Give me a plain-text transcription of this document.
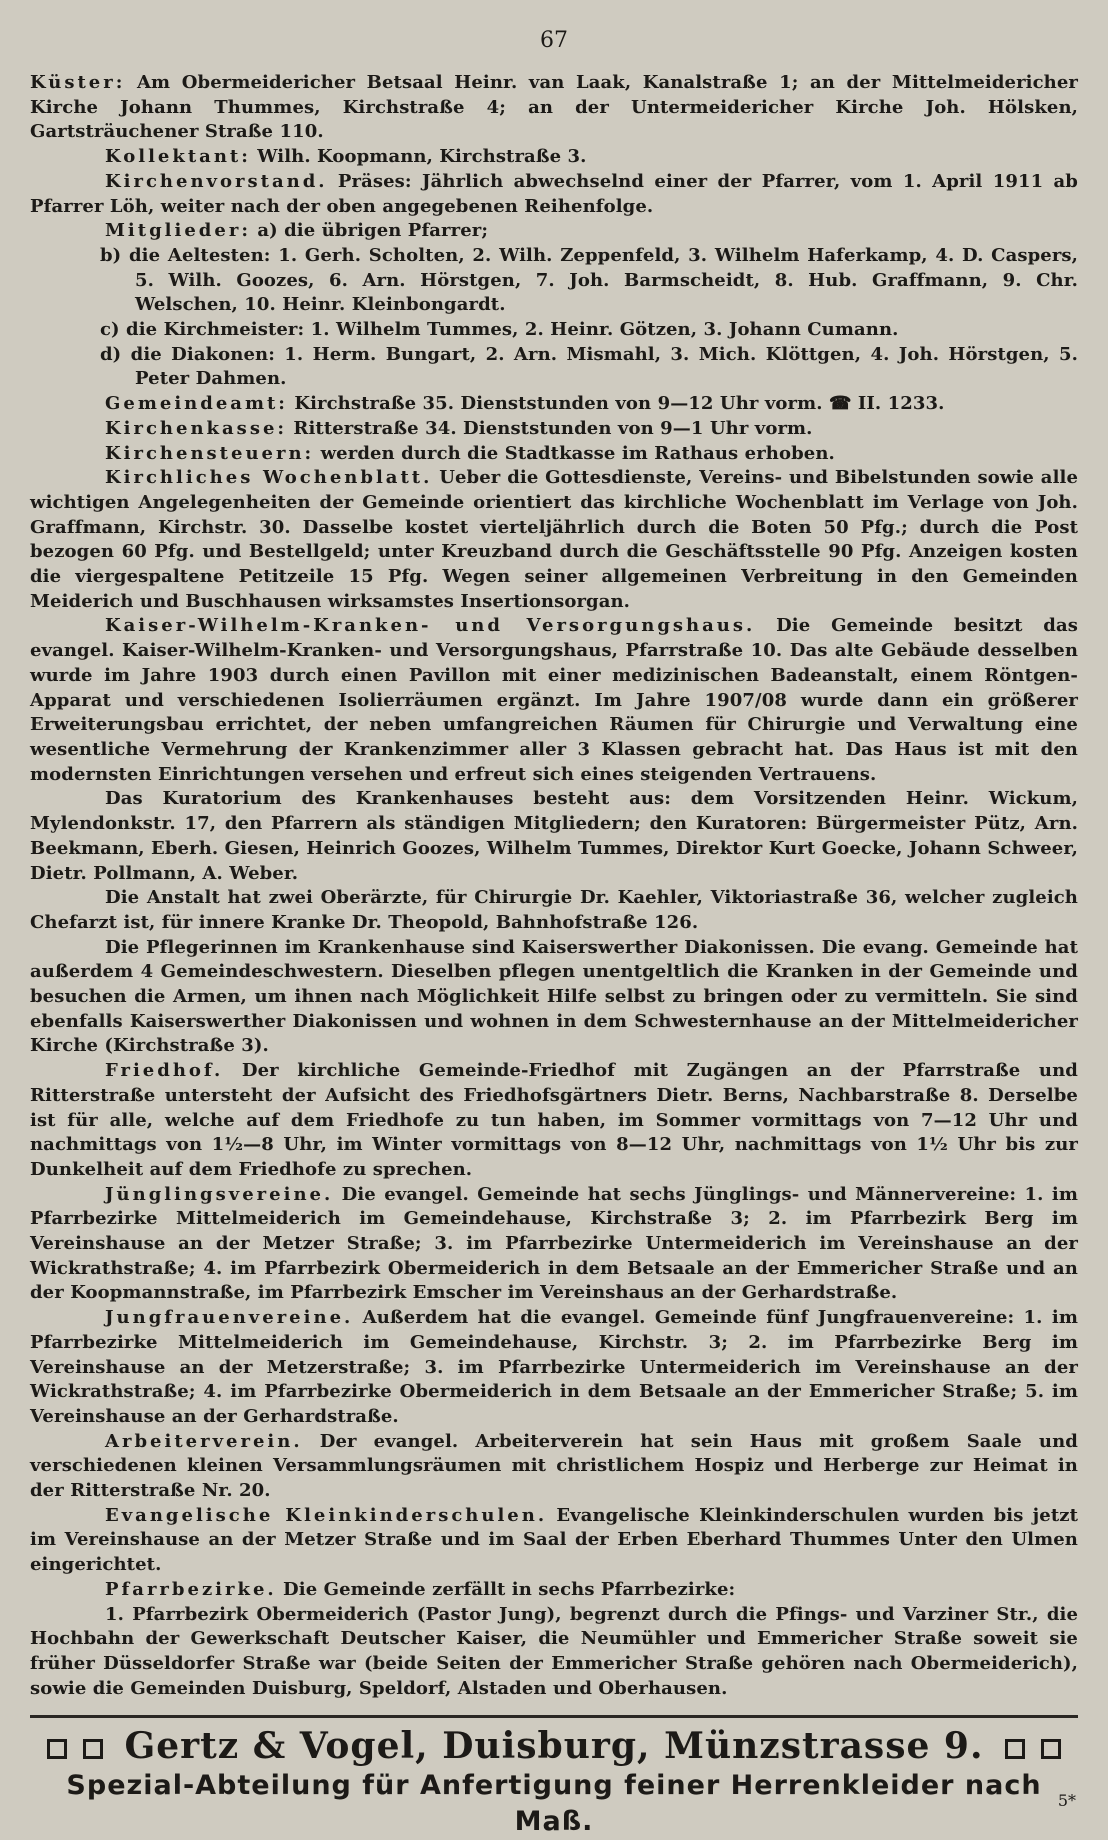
67

Küster: Am Obermeidericher Betsaal Heinr. van Laak, Kanalstraße 1; an der Mittelmeidericher Kirche Johann Thummes, Kirchstraße 4; an der Untermeidericher Kirche Joh. Hölsken, Gartsträuchener Straße 110.

Kollektant: Wilh. Koopmann, Kirchstraße 3.

Kirchenvorstand. Präses: Jährlich abwechselnd einer der Pfarrer, vom 1. April 1911 ab Pfarrer Löh, weiter nach der oben angegebenen Reihenfolge.

Mitglieder: a) die übrigen Pfarrer;

b) die Aeltesten: 1. Gerh. Scholten, 2. Wilh. Zeppenfeld, 3. Wilhelm Haferkamp, 4. D. Caspers, 5. Wilh. Goozes, 6. Arn. Hörstgen, 7. Joh. Barmscheidt, 8. Hub. Graffmann, 9. Chr. Welschen, 10. Heinr. Kleinbongardt.

c) die Kirchmeister: 1. Wilhelm Tummes, 2. Heinr. Götzen, 3. Johann Cumann.

d) die Diakonen: 1. Herm. Bungart, 2. Arn. Mismahl, 3. Mich. Klöttgen, 4. Joh. Hörstgen, 5. Peter Dahmen.

Gemeindeamt: Kirchstraße 35. Dienststunden von 9—12 Uhr vorm. ☎ II. 1233.

Kirchenkasse: Ritterstraße 34. Dienststunden von 9—1 Uhr vorm.

Kirchensteuern: werden durch die Stadtkasse im Rathaus erhoben.

Kirchliches Wochenblatt. Ueber die Gottesdienste, Vereins- und Bibelstunden sowie alle wichtigen Angelegenheiten der Gemeinde orientiert das kirchliche Wochenblatt im Verlage von Joh. Graffmann, Kirchstr. 30. Dasselbe kostet vierteljährlich durch die Boten 50 Pfg.; durch die Post bezogen 60 Pfg. und Bestellgeld; unter Kreuzband durch die Geschäftsstelle 90 Pfg. Anzeigen kosten die viergespaltene Petitzeile 15 Pfg. Wegen seiner allgemeinen Verbreitung in den Gemeinden Meiderich und Buschhausen wirksamstes Insertionsorgan.

Kaiser-Wilhelm-Kranken- und Versorgungshaus. Die Gemeinde besitzt das evangel. Kaiser-Wilhelm-Kranken- und Versorgungshaus, Pfarrstraße 10. Das alte Gebäude desselben wurde im Jahre 1903 durch einen Pavillon mit einer medizinischen Badeanstalt, einem Röntgen-Apparat und verschiedenen Isolierräumen ergänzt. Im Jahre 1907/08 wurde dann ein größerer Erweiterungsbau errichtet, der neben umfangreichen Räumen für Chirurgie und Verwaltung eine wesentliche Vermehrung der Krankenzimmer aller 3 Klassen gebracht hat. Das Haus ist mit den modernsten Einrichtungen versehen und erfreut sich eines steigenden Vertrauens.

Das Kuratorium des Krankenhauses besteht aus: dem Vorsitzenden Heinr. Wickum, Mylendonkstr. 17, den Pfarrern als ständigen Mitgliedern; den Kuratoren: Bürgermeister Pütz, Arn. Beekmann, Eberh. Giesen, Heinrich Goozes, Wilhelm Tummes, Direktor Kurt Goecke, Johann Schweer, Dietr. Pollmann, A. Weber.

Die Anstalt hat zwei Oberärzte, für Chirurgie Dr. Kaehler, Viktoriastraße 36, welcher zugleich Chefarzt ist, für innere Kranke Dr. Theopold, Bahnhofstraße 126.

Die Pflegerinnen im Krankenhause sind Kaiserswerther Diakonissen. Die evang. Gemeinde hat außerdem 4 Gemeindeschwestern. Dieselben pflegen unentgeltlich die Kranken in der Gemeinde und besuchen die Armen, um ihnen nach Möglichkeit Hilfe selbst zu bringen oder zu vermitteln. Sie sind ebenfalls Kaiserswerther Diakonissen und wohnen in dem Schwesternhause an der Mittelmeidericher Kirche (Kirchstraße 3).

Friedhof. Der kirchliche Gemeinde-Friedhof mit Zugängen an der Pfarrstraße und Ritterstraße untersteht der Aufsicht des Friedhofsgärtners Dietr. Berns, Nachbarstraße 8. Derselbe ist für alle, welche auf dem Friedhofe zu tun haben, im Sommer vormittags von 7—12 Uhr und nachmittags von 1½—8 Uhr, im Winter vormittags von 8—12 Uhr, nachmittags von 1½ Uhr bis zur Dunkelheit auf dem Friedhofe zu sprechen.

Jünglingsvereine. Die evangel. Gemeinde hat sechs Jünglings- und Männervereine: 1. im Pfarrbezirke Mittelmeiderich im Gemeindehause, Kirchstraße 3; 2. im Pfarrbezirk Berg im Vereinshause an der Metzer Straße; 3. im Pfarrbezirke Untermeiderich im Vereinshause an der Wickrathstraße; 4. im Pfarrbezirk Obermeiderich in dem Betsaale an der Emmericher Straße und an der Koopmannstraße, im Pfarrbezirk Emscher im Vereinshaus an der Gerhardstraße.

Jungfrauenvereine. Außerdem hat die evangel. Gemeinde fünf Jungfrauenvereine: 1. im Pfarrbezirke Mittelmeiderich im Gemeindehause, Kirchstr. 3; 2. im Pfarrbezirke Berg im Vereinshause an der Metzerstraße; 3. im Pfarrbezirke Untermeiderich im Vereinshause an der Wickrathstraße; 4. im Pfarrbezirke Obermeiderich in dem Betsaale an der Emmericher Straße; 5. im Vereinshause an der Gerhardstraße.

Arbeiterverein. Der evangel. Arbeiterverein hat sein Haus mit großem Saale und verschiedenen kleinen Versammlungsräumen mit christlichem Hospiz und Herberge zur Heimat in der Ritterstraße Nr. 20.

Evangelische Kleinkinderschulen. Evangelische Kleinkinderschulen wurden bis jetzt im Vereinshause an der Metzer Straße und im Saal der Erben Eberhard Thummes Unter den Ulmen eingerichtet.

Pfarrbezirke. Die Gemeinde zerfällt in sechs Pfarrbezirke:

1. Pfarrbezirk Obermeiderich (Pastor Jung), begrenzt durch die Pfings- und Varziner Str., die Hochbahn der Gewerkschaft Deutscher Kaiser, die Neumühler und Emmericher Straße soweit sie früher Düsseldorfer Straße war (beide Seiten der Emmericher Straße gehören nach Obermeiderich), sowie die Gemeinden Duisburg, Speldorf, Alstaden und Oberhausen.

Gertz & Vogel, Duisburg, Münzstrasse 9.
Spezial-Abteilung für Anfertigung feiner Herrenkleider nach Maß.
5*
